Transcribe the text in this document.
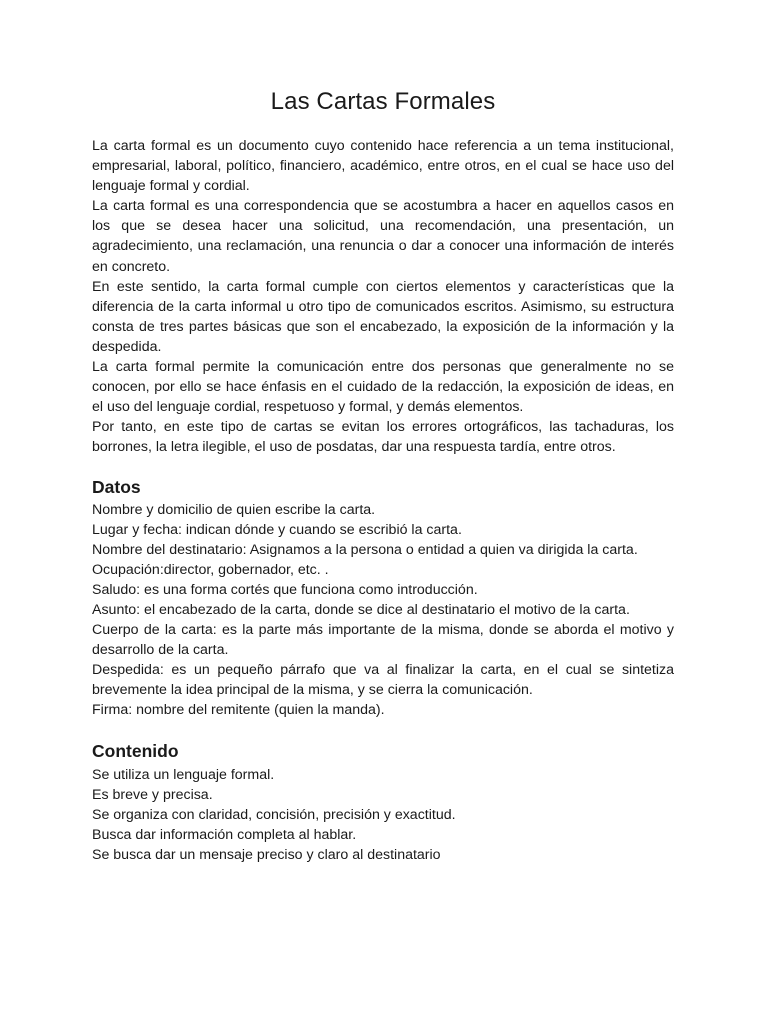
Las Cartas Formales

La carta formal es un documento cuyo contenido hace referencia a un tema institucional, empresarial, laboral, político, financiero, académico, entre otros, en el cual se hace uso del lenguaje formal y cordial.

La carta formal es una correspondencia que se acostumbra a hacer en aquellos casos en los que se desea hacer una solicitud, una recomendación, una presentación, un agradecimiento, una reclamación, una renuncia o dar a conocer una información de interés en concreto.

En este sentido, la carta formal cumple con ciertos elementos y características que la diferencia de la carta informal u otro tipo de comunicados escritos. Asimismo, su estructura consta de tres partes básicas que son el encabezado, la exposición de la información y la despedida.

La carta formal permite la comunicación entre dos personas que generalmente no se conocen, por ello se hace énfasis en el cuidado de la redacción, la exposición de ideas, en el uso del lenguaje cordial, respetuoso y formal, y demás elementos.

Por tanto, en este tipo de cartas se evitan los errores ortográficos, las tachaduras, los borrones, la letra ilegible, el uso de posdatas, dar una respuesta tardía, entre otros.

Datos

Nombre y domicilio de quien escribe la carta.

Lugar y fecha: indican dónde y cuando se escribió la carta.

Nombre del destinatario: Asignamos a la persona o entidad a quien va dirigida la carta.

Ocupación:director, gobernador, etc. .

Saludo: es una forma cortés que funciona como introducción.

Asunto: el encabezado de la carta, donde se dice al destinatario el motivo de la carta.

Cuerpo de la carta: es la parte más importante de la misma, donde se aborda el motivo y desarrollo de la carta.

Despedida: es un pequeño párrafo que va al finalizar la carta, en el cual se sintetiza brevemente la idea principal de la misma, y se cierra la comunicación.

Firma: nombre del remitente (quien la manda).

Contenido

Se utiliza un lenguaje formal.

Es breve y precisa.

Se organiza con claridad, concisión, precisión y exactitud.

Busca dar información completa al hablar.

Se busca dar un mensaje preciso y claro al destinatario
